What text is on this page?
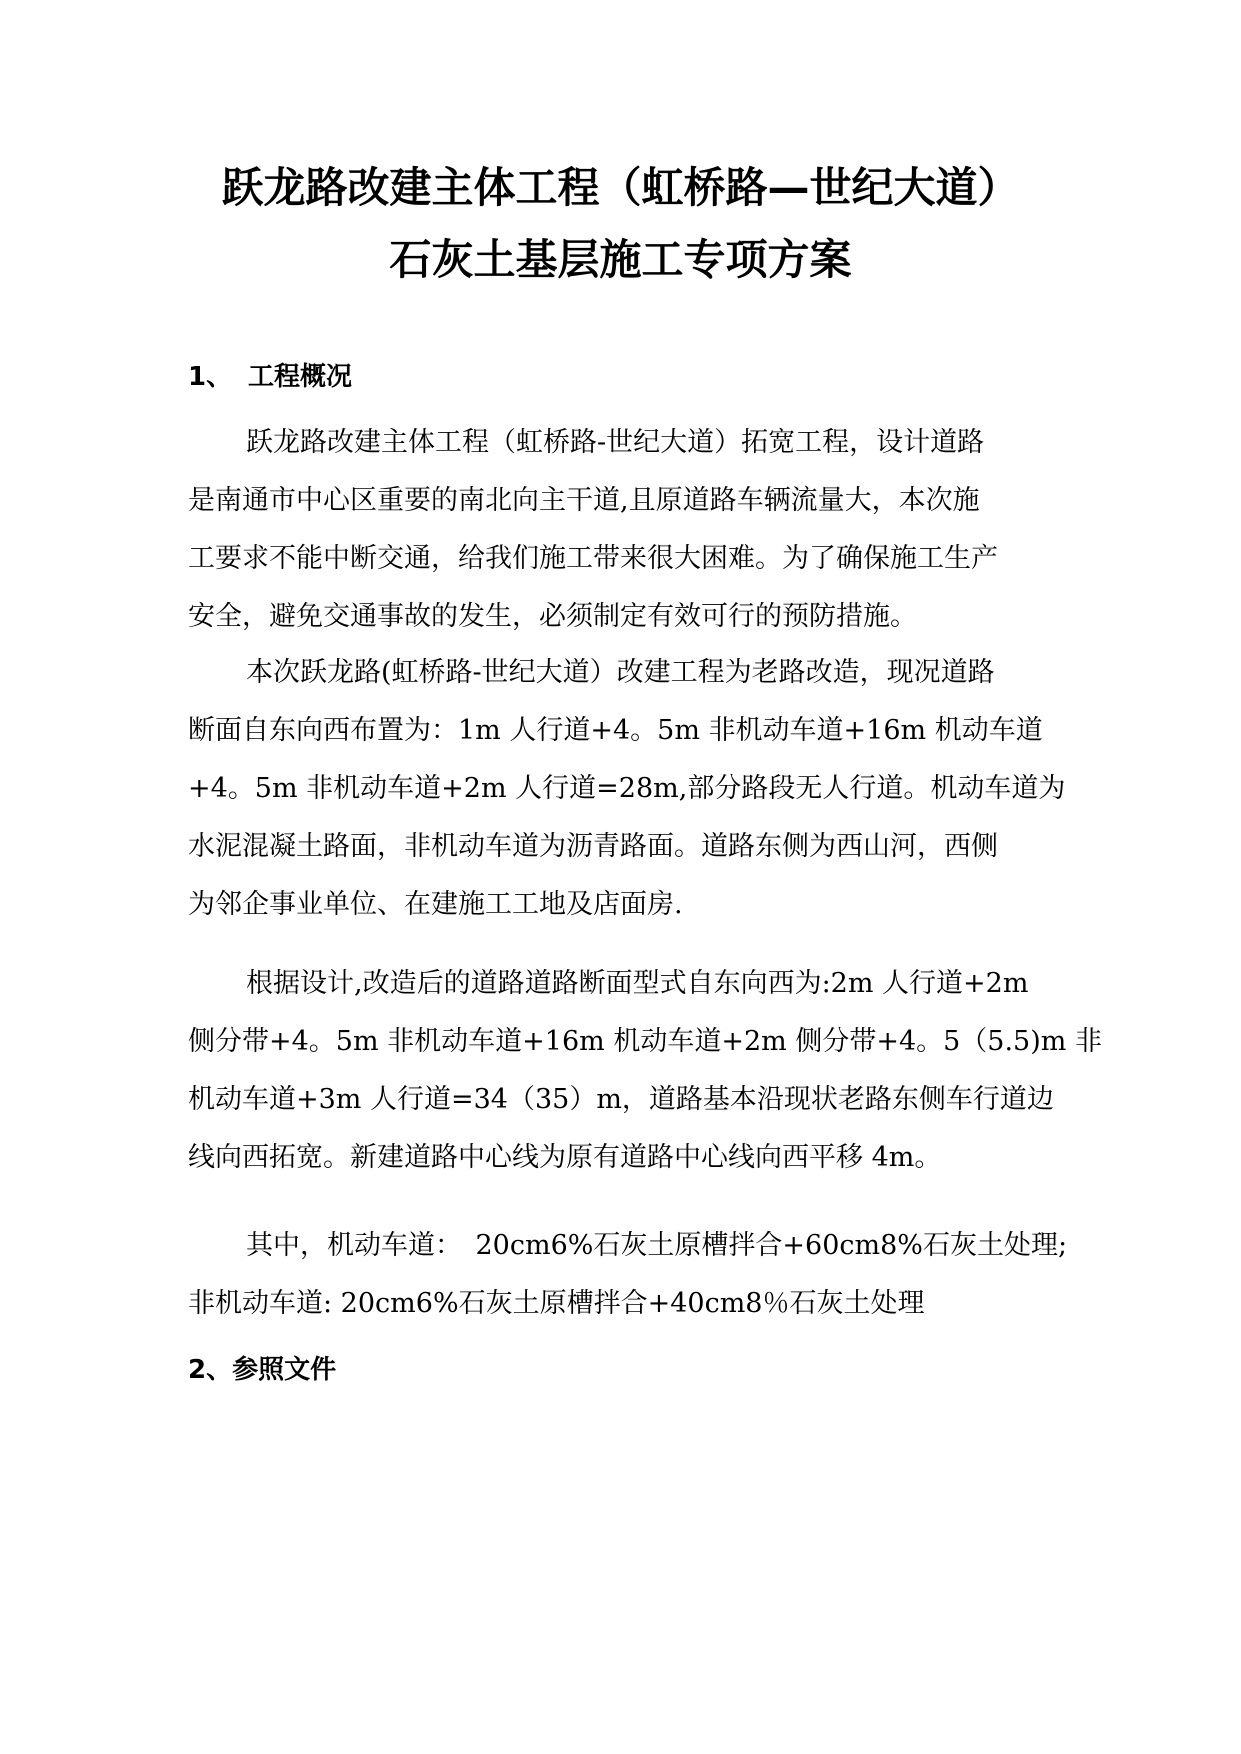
跃龙路改建主体工程（虹桥路—世纪大道）
石灰土基层施工专项方案
1、 工程概况
跃龙路改建主体工程（虹桥路-世纪大道）拓宽工程，设计道路
是南通市中心区重要的南北向主干道,且原道路车辆流量大，本次施
工要求不能中断交通，给我们施工带来很大困难。为了确保施工生产
安全，避免交通事故的发生，必须制定有效可行的预防措施。
本次跃龙路(虹桥路-世纪大道）改建工程为老路改造，现况道路
断面自东向西布置为：1m 人行道+4。5m 非机动车道+16m 机动车道
+4。5m 非机动车道+2m 人行道=28m,部分路段无人行道。机动车道为
水泥混凝土路面，非机动车道为沥青路面。道路东侧为西山河，西侧
为邻企事业单位、在建施工工地及店面房.
根据设计,改造后的道路道路断面型式自东向西为:2m 人行道+2m
侧分带+4。5m 非机动车道+16m 机动车道+2m 侧分带+4。5（5.5)m 非
机动车道+3m 人行道=34（35）m，道路基本沿现状老路东侧车行道边
线向西拓宽。新建道路中心线为原有道路中心线向西平移 4m。
其中，机动车道：　20cm6%石灰土原槽拌合+60cm8%石灰土处理;
非机动车道: 20cm6%石灰土原槽拌合+40cm8％石灰土处理
2、参照文件
